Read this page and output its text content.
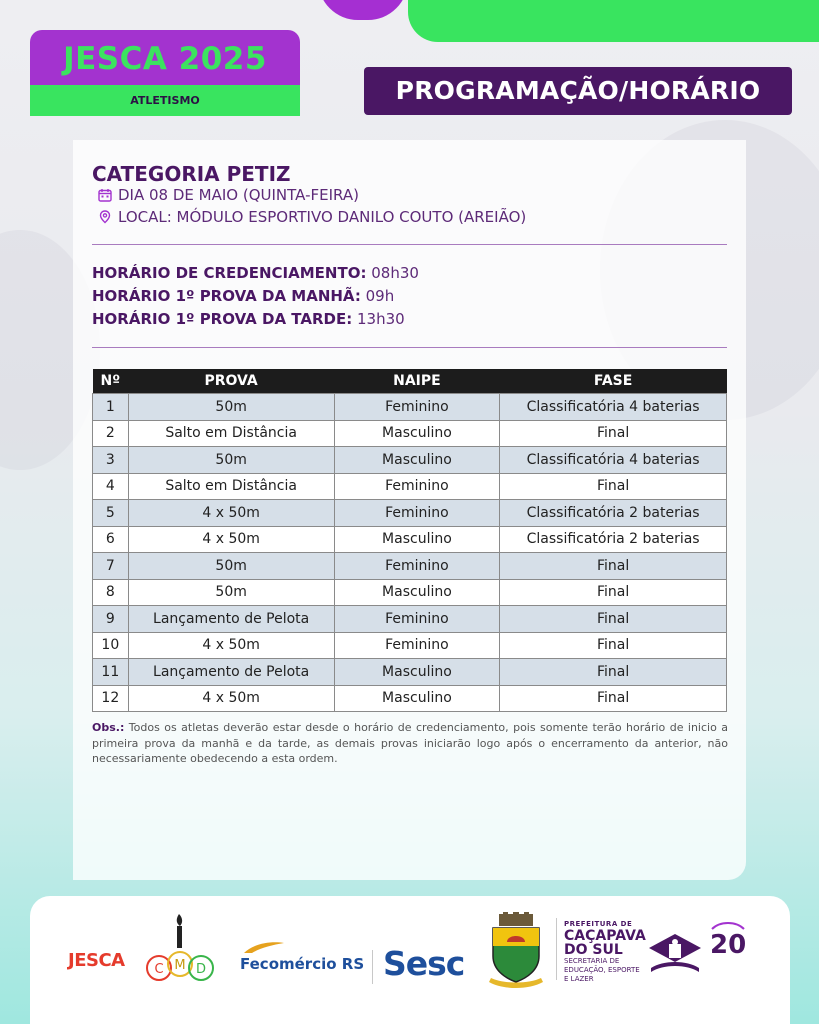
JESCA 2025
ATLETISMO	PROGRAMAÇÃO/HORÁRIO
CATEGORIA PETIZ
DIA 08 DE MAIO (QUINTA-FEIRA)
LOCAL: MÓDULO ESPORTIVO DANILO COUTO (AREIÃO)
HORÁRIO DE CREDENCIAMENTO: 08h30
HORÁRIO 1º PROVA DA MANHÃ: 09h
HORÁRIO 1º PROVA DA TARDE: 13h30
Nº	PROVA	NAIPE	FASE
1	50m	Feminino	Classificatória 4 baterias
2	Salto em Distância	Masculino	Final
3	50m	Masculino	Classificatória 4 baterias
4	Salto em Distância	Feminino	Final
5	4 x 50m	Feminino	Classificatória 2 baterias
6	4 x 50m	Masculino	Classificatória 2 baterias
7	50m	Feminino	Final
8	50m	Masculino	Final
9	Lançamento de Pelota	Feminino	Final
10	4 x 50m	Feminino	Final
11	Lançamento de Pelota	Masculino	Final
12	4 x 50m	Masculino	Final
Obs.: Todos os atletas deverão estar desde o horário de credenciamento, pois somente terão horário de inicio a primeira prova da manhã e da tarde, as demais provas iniciarão logo após o encerramento da anterior, não necessariamente obedecendo a esta ordem.
JESCA C M D Fecomércio RS Sesc
PREFEITURA DE
CAÇAPAVA DO SUL
SECRETARIA DE EDUCAÇÃO, ESPORTE E LAZER
20
